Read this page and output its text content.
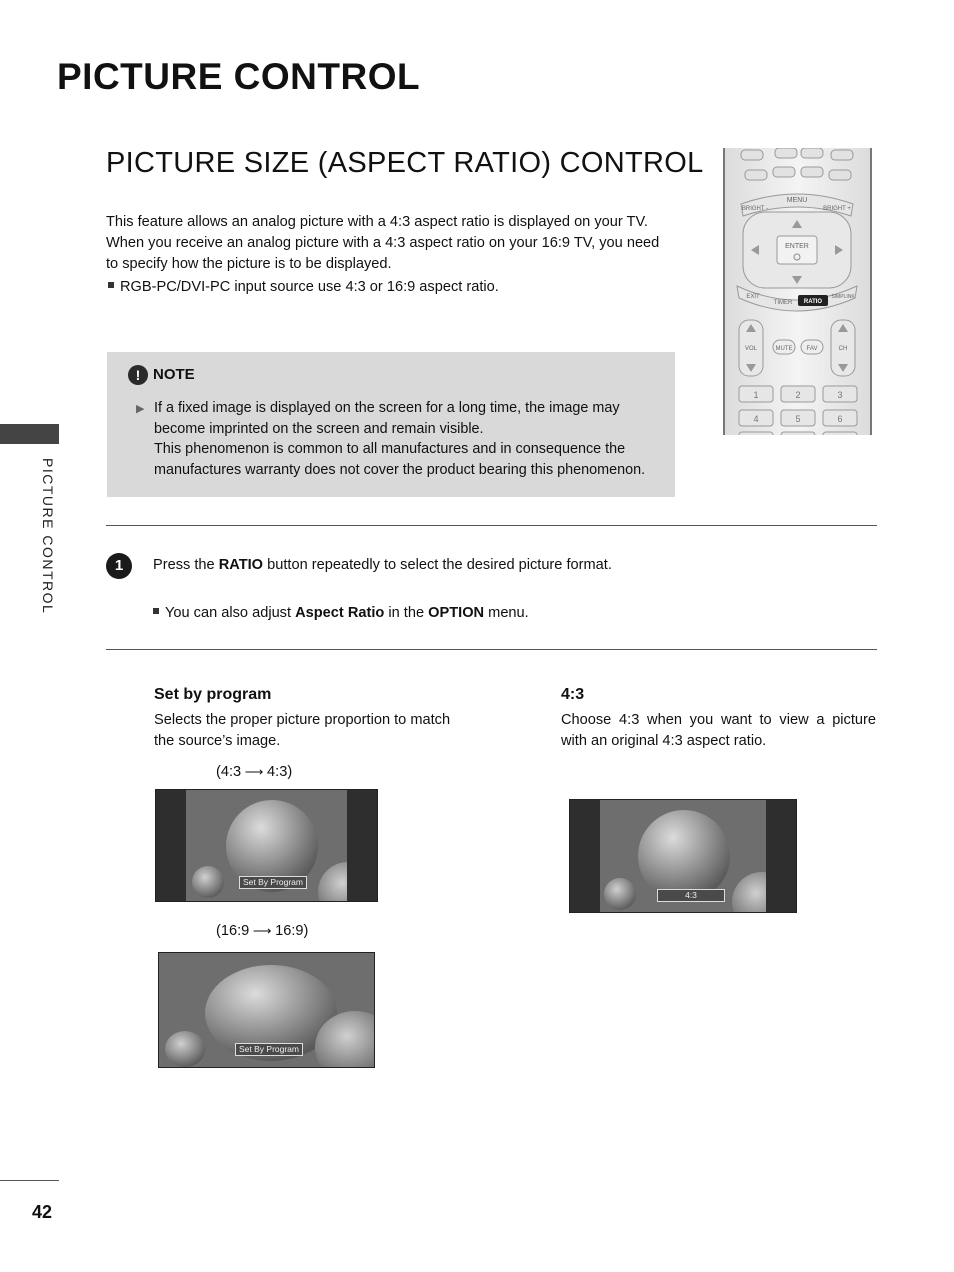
PICTURE CONTROL
PICTURE SIZE (ASPECT RATIO) CONTROL
This feature allows an analog picture with a 4:3 aspect ratio is displayed on your TV. When you receive an analog picture with a 4:3 aspect ratio on your 16:9 TV, you need to specify how the picture is to be displayed.
RGB-PC/DVI-PC input source use 4:3 or 16:9 aspect ratio.
! NOTE
▶ If a fixed image is displayed on the screen for a long time, the image may become imprinted on the screen and remain visible.
This phenomenon is common to all manufactures and in consequence the manufactures warranty does not cover the product bearing this phenomenon.
PICTURE CONTROL
MENU
BRIGHT -	BRIGHT +
ENTER
EXIT
TIMER RATIO
SIMPLINK
VOL	CH
MUTE FAV
1	2	3
4	5	6
1	Press the RATIO button repeatedly to select the desired picture format.
You can also adjust Aspect Ratio in the OPTION menu.
Set by program
Selects the proper picture proportion to match the source’s image.
(4:3 ⟶ 4:3)
Set By Program
(16:9 ⟶ 16:9)
Set By Program
4:3
Choose 4:3 when you want to view a picture with an original 4:3 aspect ratio.
4:3
42
